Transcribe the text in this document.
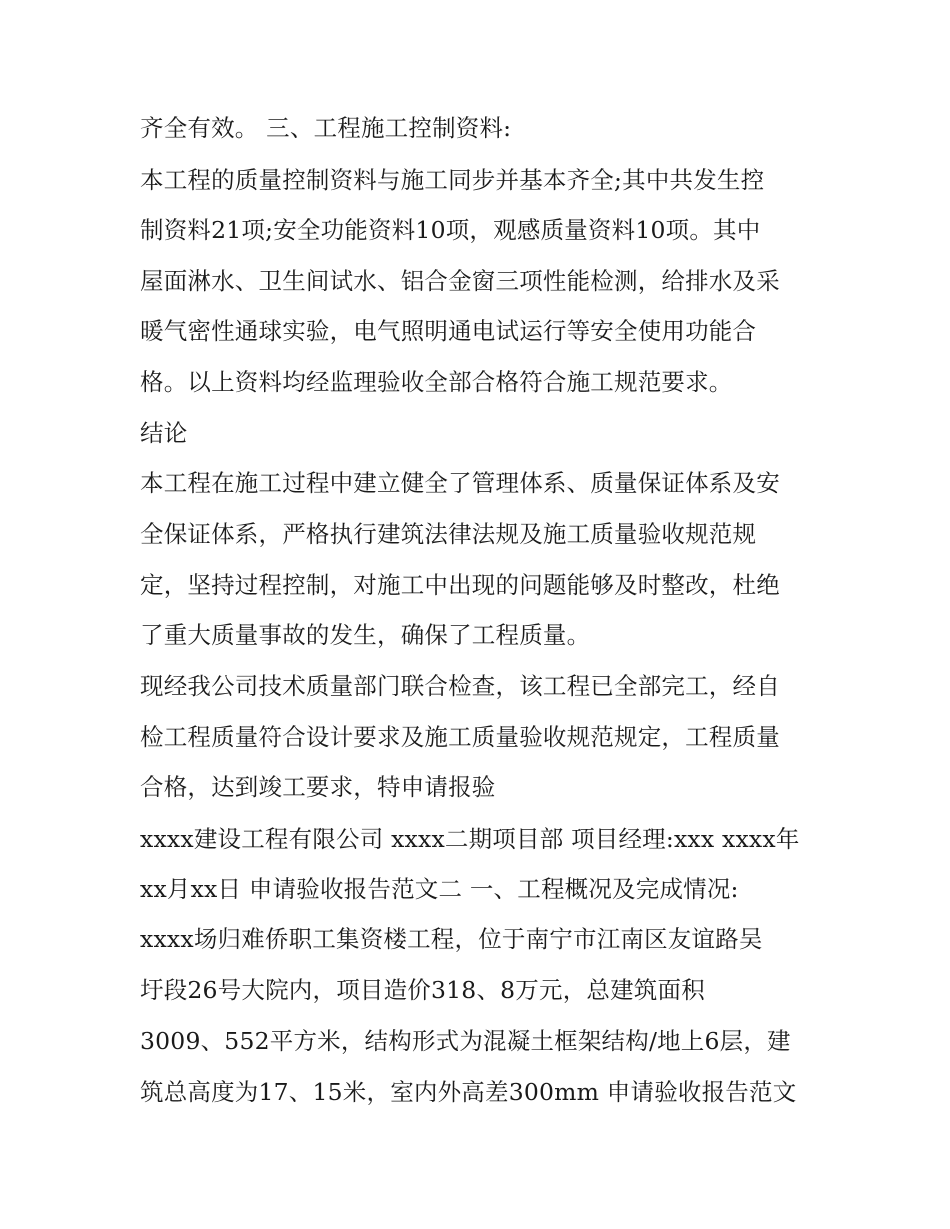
齐全有效。 三、工程施工控制资料:
本工程的质量控制资料与施工同步并基本齐全;其中共发生控
制资料21项;安全功能资料10项，观感质量资料10项。其中
屋面淋水、卫生间试水、铝合金窗三项性能检测，给排水及采
暖气密性通球实验，电气照明通电试运行等安全使用功能合
格。以上资料均经监理验收全部合格符合施工规范要求。
结论
本工程在施工过程中建立健全了管理体系、质量保证体系及安
全保证体系，严格执行建筑法律法规及施工质量验收规范规
定，坚持过程控制，对施工中出现的问题能够及时整改，杜绝
了重大质量事故的发生，确保了工程质量。
现经我公司技术质量部门联合检查，该工程已全部完工，经自
检工程质量符合设计要求及施工质量验收规范规定，工程质量
合格，达到竣工要求，特申请报验
xxxx建设工程有限公司 xxxx二期项目部 项目经理:xxx xxxx年
xx月xx日 申请验收报告范文二 一、工程概况及完成情况:
xxxx场归难侨职工集资楼工程，位于南宁市江南区友谊路吴
圩段26号大院内，项目造价318、8万元，总建筑面积
3009、552平方米，结构形式为混凝土框架结构/地上6层，建
筑总高度为17、15米，室内外高差300mm 申请验收报告范文
